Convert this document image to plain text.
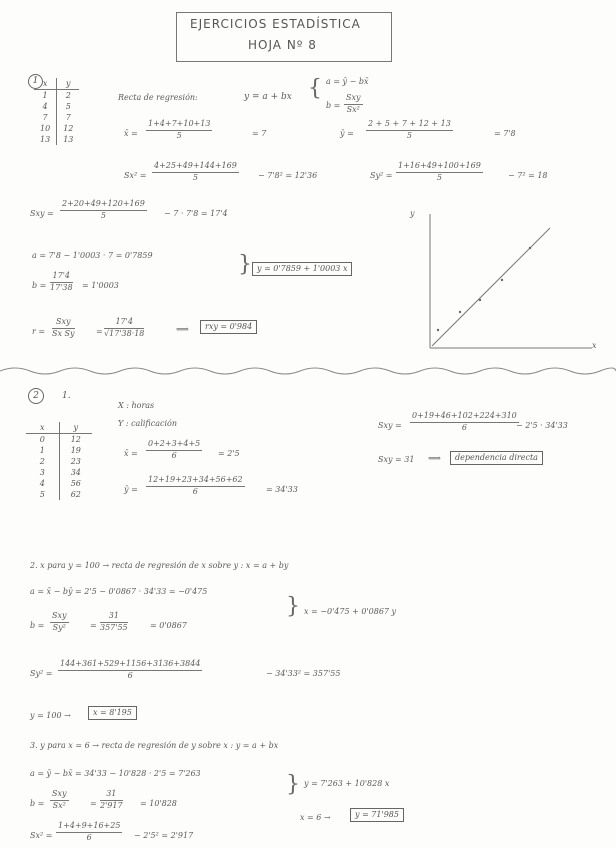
EJERCICIOS ESTADÍSTICA
HOJA Nº 8
1 x	y
1	2
4	5
7	7
10	12
13	13
Recta de regresión:	y = a + bx { a = ȳ − bx̄
b =
Sxy
Sx²
x̄ = $\frac{1+4+7+10+13}{5}$	= 7	ȳ = $\frac{2 + 5 + 7 + 12 + 13}{5}$	= 7'8
$Sx^2 = \frac{4+25+49+144+169}{5} - 7'8^2 = 12'36$	$Sy^2 = \frac{1+16+49+100+169}{5}$	− 7² = 18
Sxy = $\frac{2+20+49+120+169}{5} - 7 \cdot 7'8 = 17'4$
a = 7'8 − 1'0003 · 7 = 0'7859
$b = \frac{17'4}{17'38} = 1'0003$
} y = 0'7859 + 1'0003 x
r =
Sxy
Sx Sy	= $\frac{17'4}{√17'38\cdot 18}$	⟹	rxy = 0'984
y
x
2	1.
X : horas
Y : calificación
x	y
0	12
1	19
2	23
3	34
4	56
5	62
x̄ = $\frac{0+2+3+4+5}{6} = 2'5$
ȳ = $\frac{12+19+23+34+56+62}{6}$	= 34'33
Sxy = $\frac{0+19+46+102+224+310}{6}$
− 2'5 · 34'33
Sxy = 31 ⟹	dependencia directa
2. x para y = 100 → recta de regresión de x sobre y : x = a + by
a = x̄ − bȳ = 2'5 − 0'0867 · 34'33 = −0'475
b =
Sxy
Sy²	= $\frac{31}{357'55}$	= 0'0867
} x = −0'475 + 0'0867 y
$Sy^2 = \frac{144+361+529+1156+3136+3844}{6}$	− 34'33² = 357'55
y = 100 →	x = 8'195
3. y para x = 6 → recta de regresión de y sobre x : y = a + bx
a = ȳ − bx̄ = 34'33 − 10'828 · 2'5 = 7'263
b =
Sxy
Sx²	= $\frac{31}{2'917} = 10'828$
} y = 7'263 + 10'828 x
x = 6 →	y = 71'985
$Sx^2 = \frac{1+4+9+16+25}{6} - 2'5^2 = 2'917$
